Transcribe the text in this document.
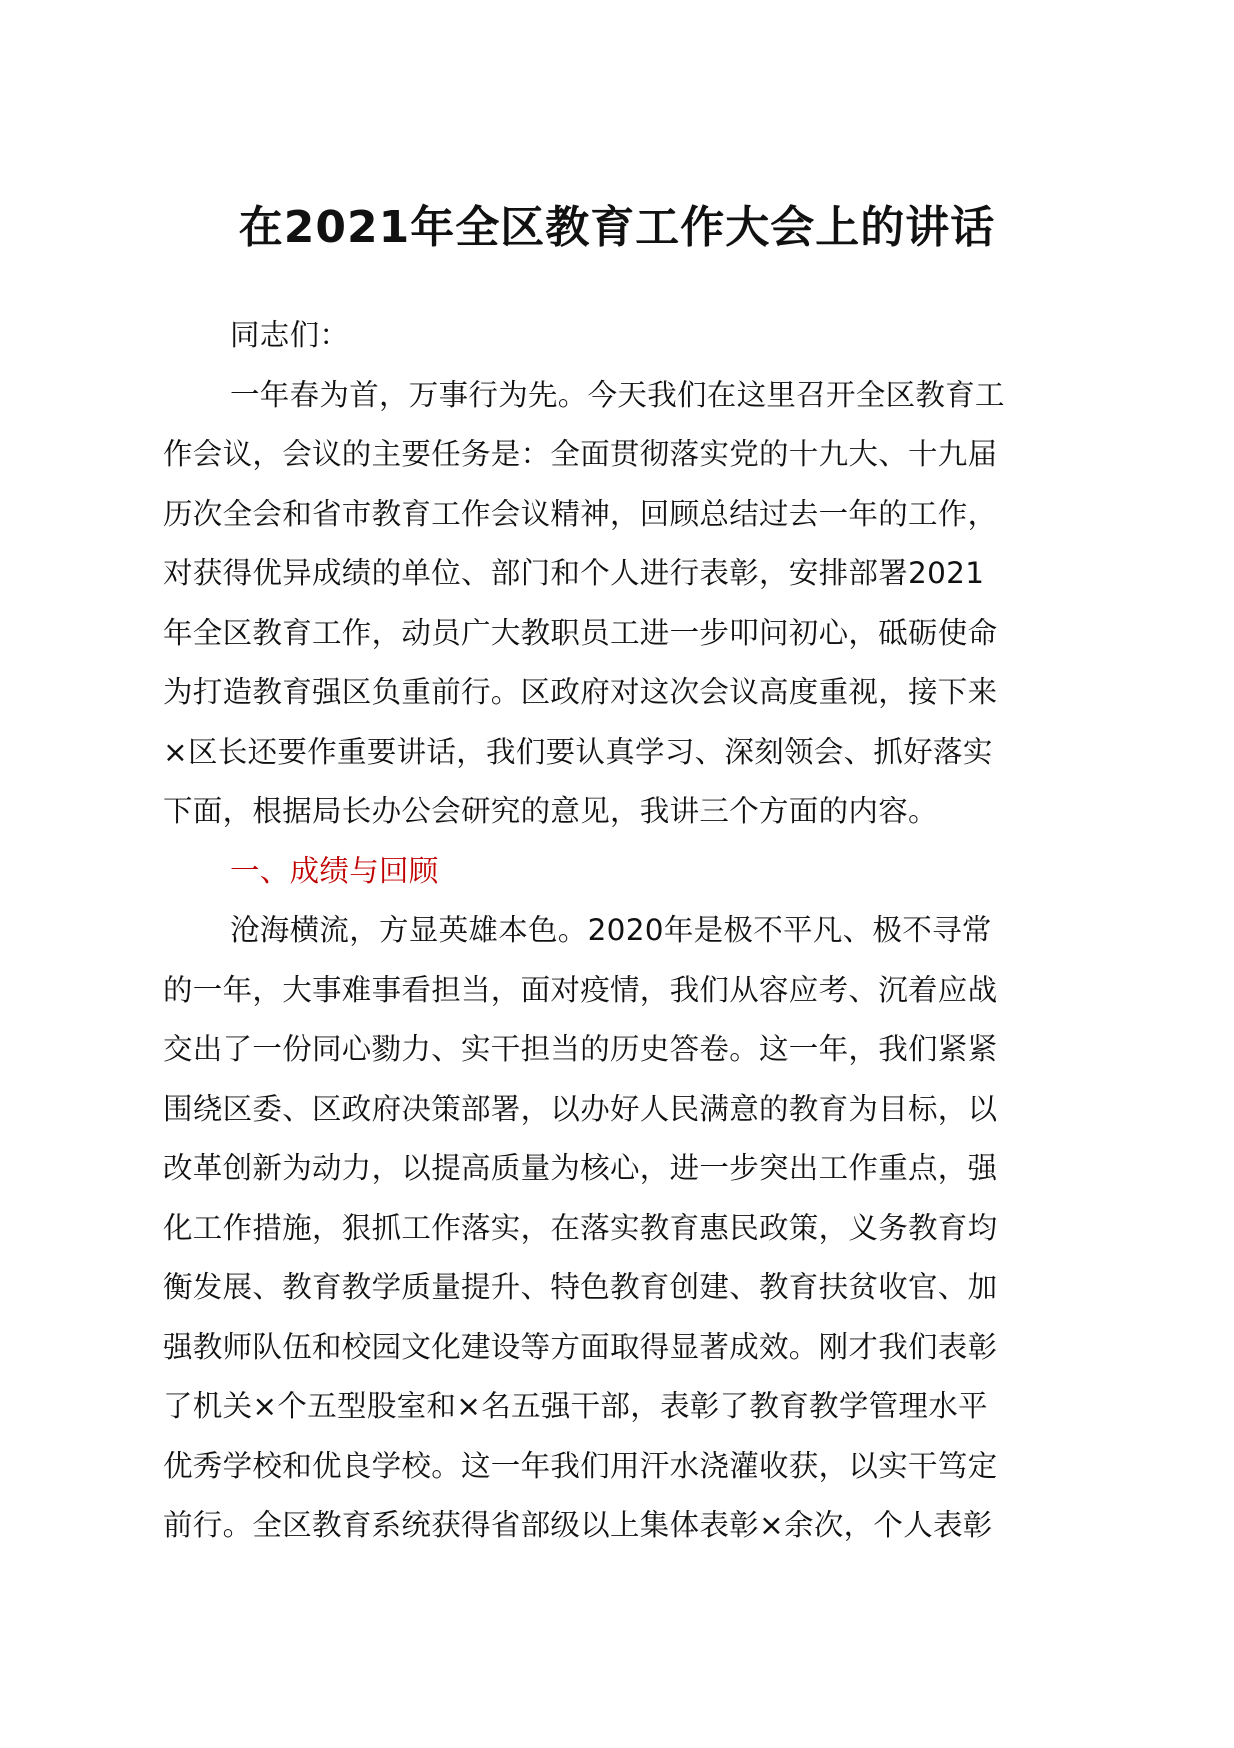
在2021年全区教育工作大会上的讲话
同志们：
一年春为首，万事行为先。今天我们在这里召开全区教育工
作会议，会议的主要任务是：全面贯彻落实党的十九大、十九届
历次全会和省市教育工作会议精神，回顾总结过去一年的工作，
对获得优异成绩的单位、部门和个人进行表彰，安排部署2021
年全区教育工作，动员广大教职员工进一步叩问初心，砥砺使命
为打造教育强区负重前行。区政府对这次会议高度重视，接下来
×区长还要作重要讲话，我们要认真学习、深刻领会、抓好落实
下面，根据局长办公会研究的意见，我讲三个方面的内容。
一、成绩与回顾
沧海横流，方显英雄本色。2020年是极不平凡、极不寻常
的一年，大事难事看担当，面对疫情，我们从容应考、沉着应战
交出了一份同心勠力、实干担当的历史答卷。这一年，我们紧紧
围绕区委、区政府决策部署，以办好人民满意的教育为目标，以
改革创新为动力，以提高质量为核心，进一步突出工作重点，强
化工作措施，狠抓工作落实，在落实教育惠民政策，义务教育均
衡发展、教育教学质量提升、特色教育创建、教育扶贫收官、加
强教师队伍和校园文化建设等方面取得显著成效。刚才我们表彰
了机关×个五型股室和×名五强干部，表彰了教育教学管理水平
优秀学校和优良学校。这一年我们用汗水浇灌收获，以实干笃定
前行。全区教育系统获得省部级以上集体表彰×余次，个人表彰
